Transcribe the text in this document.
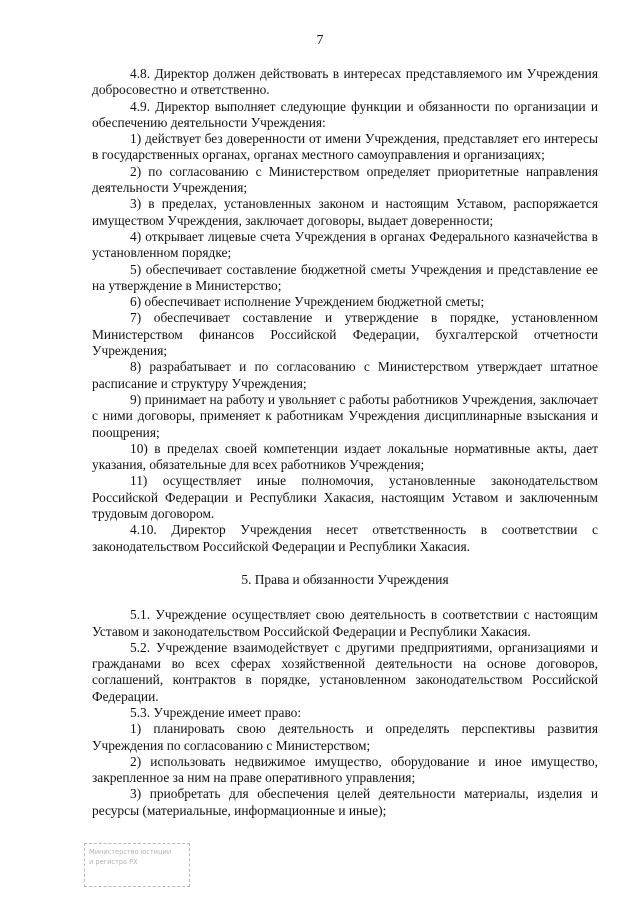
7

4.8. Директор должен действовать в интересах представляемого им Учреждения добросовестно и ответственно.

4.9. Директор выполняет следующие функции и обязанности по организации и обеспечению деятельности Учреждения:

1) действует без доверенности от имени Учреждения, представляет его интересы в государственных органах, органах местного самоуправления и организациях;

2) по согласованию с Министерством определяет приоритетные направления деятельности Учреждения;

3) в пределах, установленных законом и настоящим Уставом, распоряжается имуществом Учреждения, заключает договоры, выдает доверенности;

4) открывает лицевые счета Учреждения в органах Федерального казначейства в установленном порядке;

5) обеспечивает составление бюджетной сметы Учреждения и представление ее на утверждение в Министерство;

6) обеспечивает исполнение Учреждением бюджетной сметы;

7) обеспечивает составление и утверждение в порядке, установленном Министерством финансов Российской Федерации, бухгалтерской отчетности Учреждения;

8) разрабатывает и по согласованию с Министерством утверждает штатное расписание и структуру Учреждения;

9) принимает на работу и увольняет с работы работников Учреждения, заключает с ними договоры, применяет к работникам Учреждения дисциплинарные взыскания и поощрения;

10) в пределах своей компетенции издает локальные нормативные акты, дает указания, обязательные для всех работников Учреждения;

11) осуществляет иные полномочия, установленные законодательством Российской Федерации и Республики Хакасия, настоящим Уставом и заключенным трудовым договором.

4.10. Директор Учреждения несет ответственность в соответствии с законодательством Российской Федерации и Республики Хакасия.

5. Права и обязанности Учреждения

5.1. Учреждение осуществляет свою деятельность в соответствии с настоящим Уставом и законодательством Российской Федерации и Республики Хакасия.

5.2. Учреждение взаимодействует с другими предприятиями, организациями и гражданами во всех сферах хозяйственной деятельности на основе договоров, соглашений, контрактов в порядке, установленном законодательством Российской Федерации.

5.3. Учреждение имеет право:

1) планировать свою деятельность и определять перспективы развития Учреждения по согласованию с Министерством;

2) использовать недвижимое имущество, оборудование и иное имущество, закрепленное за ним на праве оперативного управления;

3) приобретать для обеспечения целей деятельности материалы, изделия и ресурсы (материальные, информационные и иные);

Министерство юстиции
и регистра РХ
